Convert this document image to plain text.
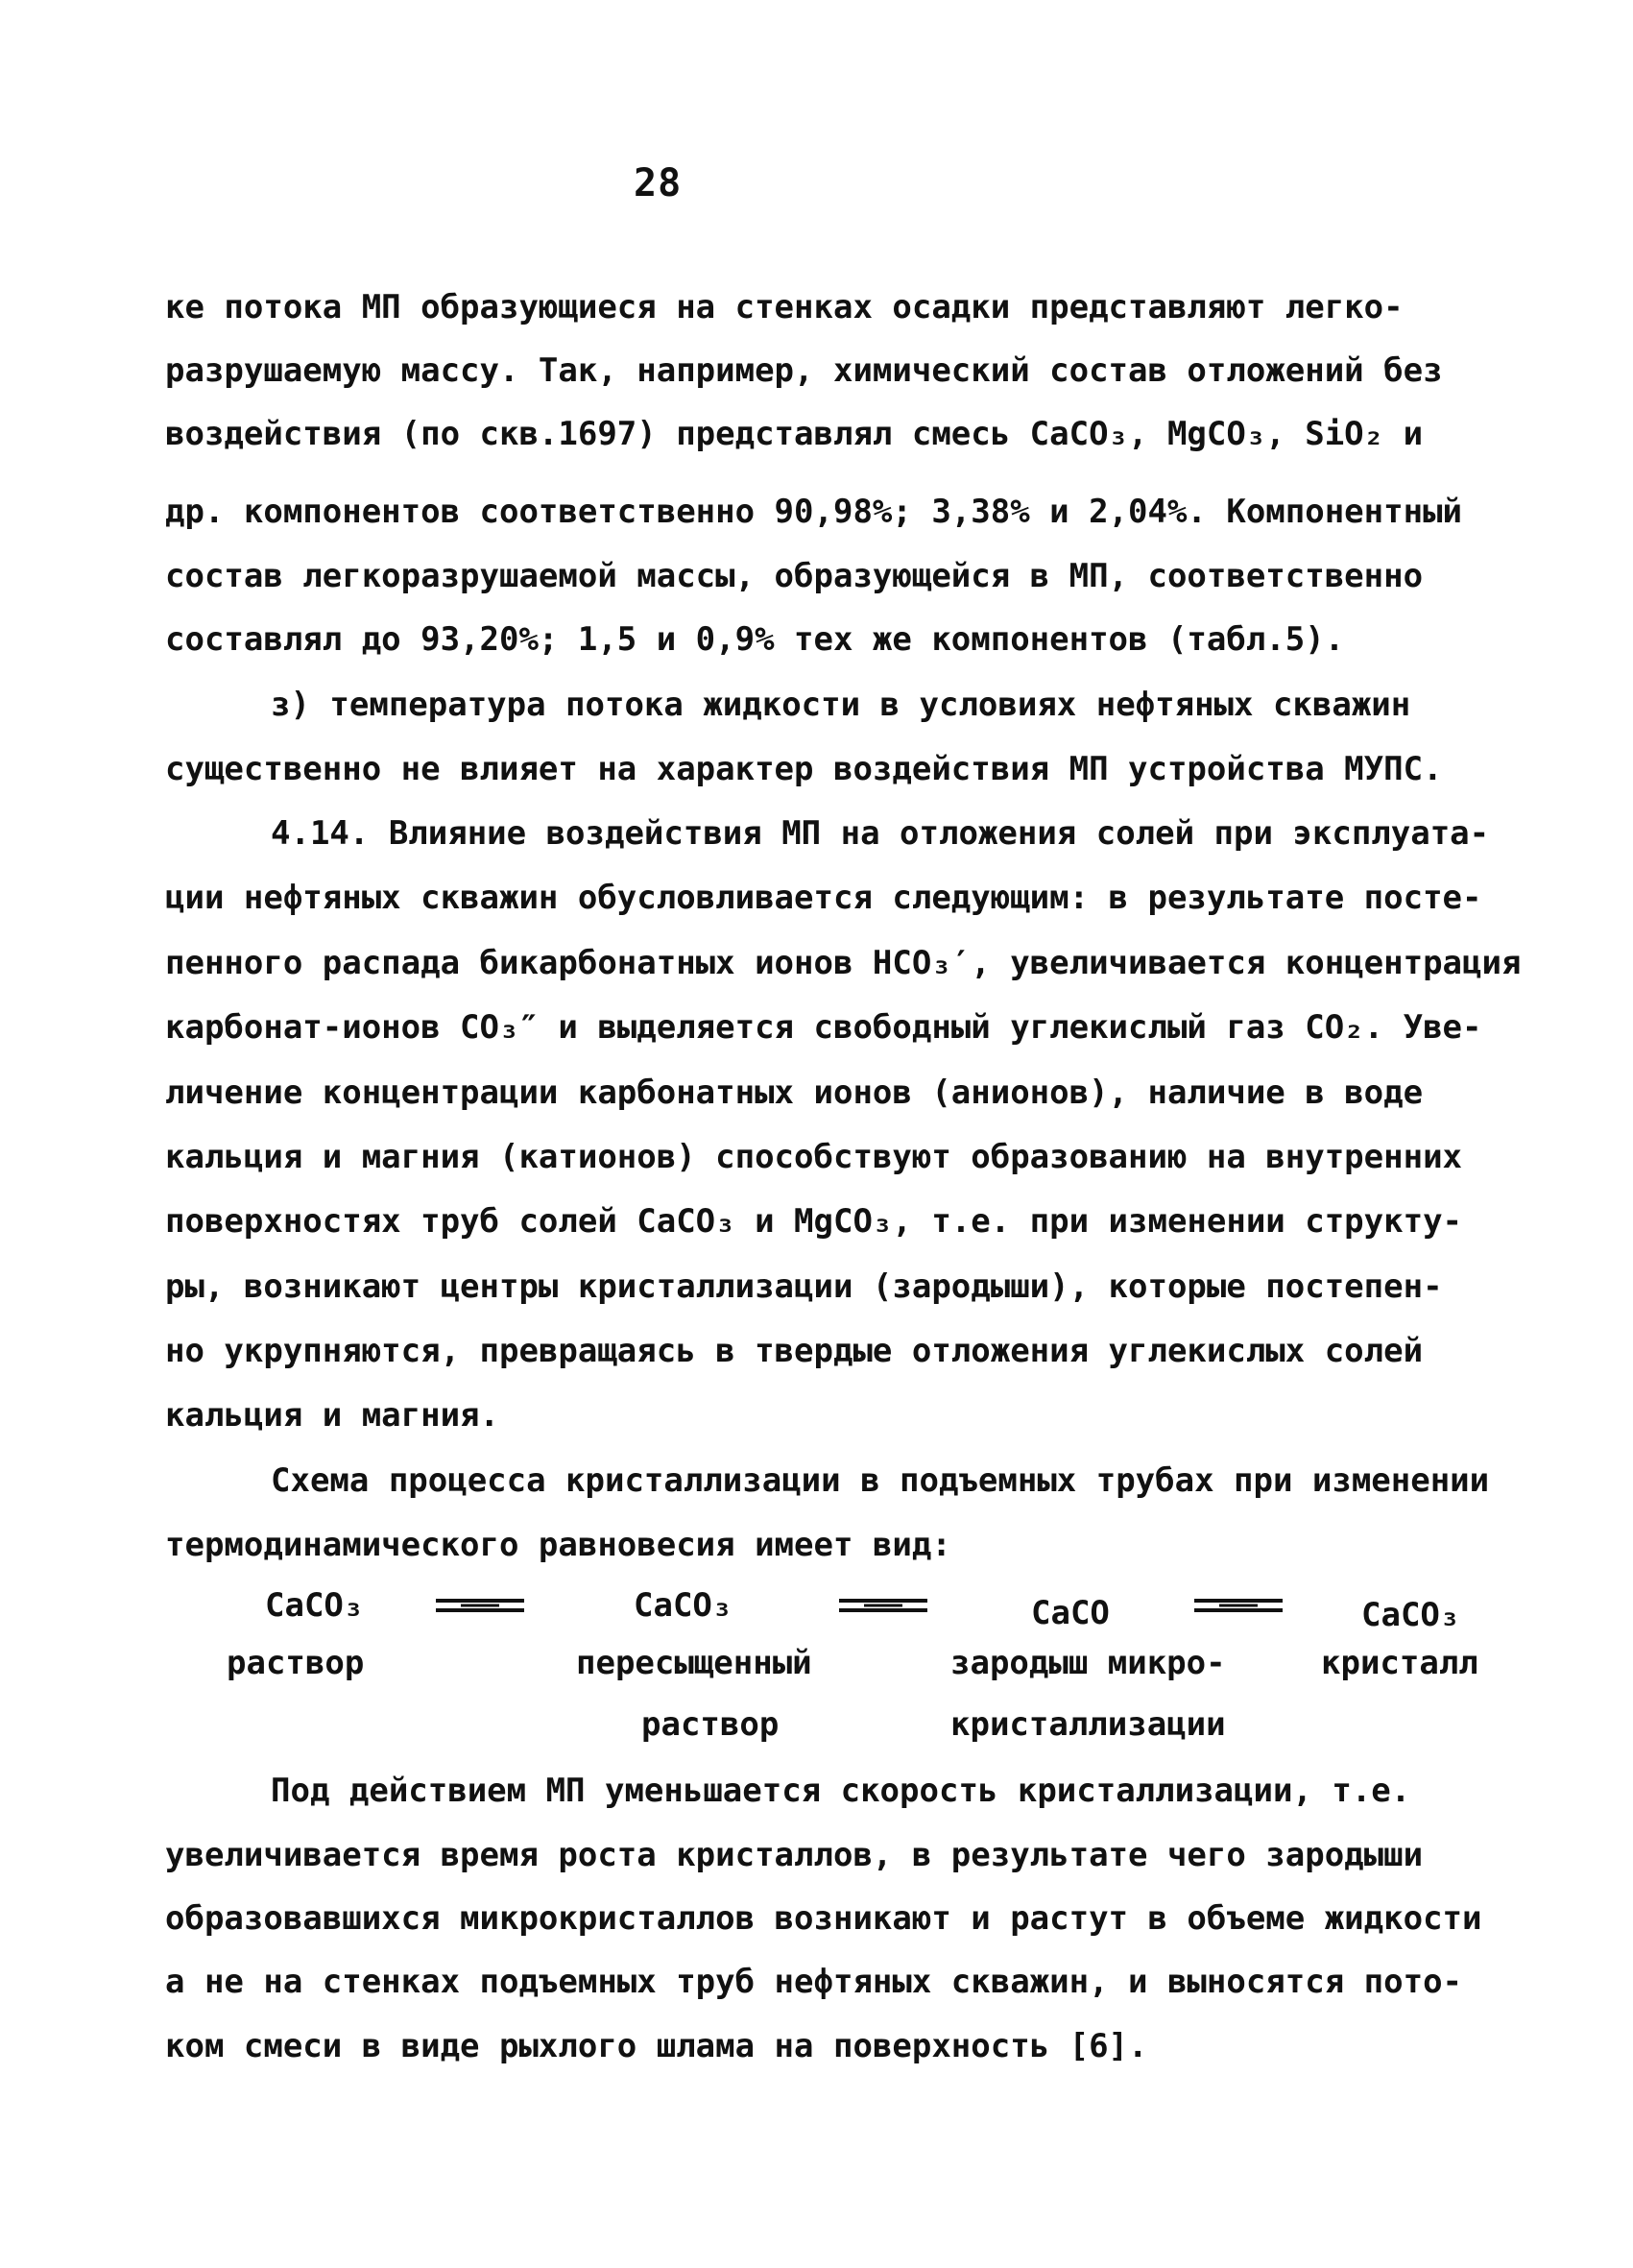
28
ке потока МП образующиеся на стенках осадки представляют легко-
разрушаемую массу. Так, например, химический состав отложений без
воздействия (по скв.1697) представлял смесь CaCO₃, MgCO₃, SiO₂ и
др. компонентов соответственно 90,98%; 3,38% и 2,04%. Компонентный
состав легкоразрушаемой массы, образующейся в МП, соответственно
составлял до 93,20%; 1,5 и 0,9% тех же компонентов (табл.5).
з) температура потока жидкости в условиях нефтяных скважин
существенно не влияет на характер воздействия МП устройства МУПС.
4.14. Влияние воздействия МП на отложения солей при эксплуата-
ции нефтяных скважин обусловливается следующим: в результате посте-
пенного распада бикарбонатных ионов HCO₃′, увеличивается концентрация
карбонат-ионов CO₃″ и выделяется свободный углекислый газ CO₂. Уве-
личение концентрации карбонатных ионов (анионов), наличие в воде
кальция и магния (катионов) способствуют образованию на внутренних
поверхностях труб солей CaCO₃ и MgCO₃, т.е. при изменении структу-
ры, возникают центры кристаллизации (зародыши), которые постепен-
но укрупняются, превращаясь в твердые отложения углекислых солей
кальция и магния.
Схема процесса кристаллизации в подъемных трубах при изменении
термодинамического равновесия имеет вид:
CaCO₃
раствор
CaCO₃
пересыщенный
раствор
CaCO
зародыш микро-
кристаллизации
CaCO₃
кристалл
Под действием МП уменьшается скорость кристаллизации, т.е.
увеличивается время роста кристаллов, в результате чего зародыши
образовавшихся микрокристаллов возникают и растут в объеме жидкости
а не на стенках подъемных труб нефтяных скважин, и выносятся пото-
ком смеси в виде рыхлого шлама на поверхность [6].
